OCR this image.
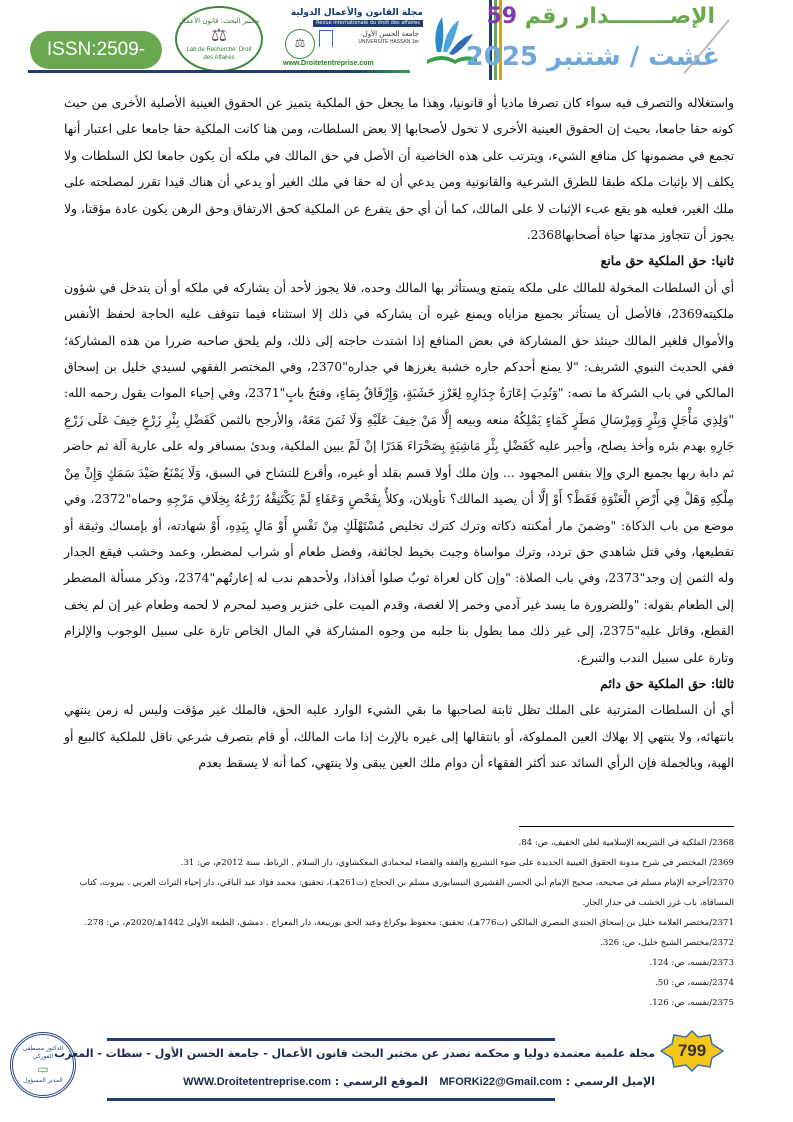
ISSN:2509-0291
مختبر البحث: قانون الأعمال
⚖
Lab de Recherche: Droit des Affaires
مجلة القانون والأعمال الدولية
Revue internationale du droit des affaires
⚖
جامعة الحسن الأول
UNIVERSITE HASSAN 1er
www.Droitetentreprise.com
الإصــــــــدار رقم 59
غشت / شتنبر 2025

واستغلاله والتصرف فيه سواء كان تصرفا ماديا أو قانونيا، وهذا ما يجعل حق الملكية يتميز عن الحقوق العينية الأصلية الأخرى من حيث كونه حقا جامعا، بحيث إن الحقوق العينية الأخرى لا تخول لأصحابها إلا بعض السلطات، ومن هنا كانت الملكية حقا جامعا على اعتبار أنها تجمع في مضمونها كل منافع الشيء، ويترتب على هذه الخاصية أن الأصل في حق المالك في ملكه أن يكون جامعا لكل السلطات ولا يكلف إلا بإثبات ملكه طبقا للطرق الشرعية والقانونية ومن يدعي أن له حقا في ملك الغير أو يدعي أن هناك قيدا تقرر لمصلحته على ملك الغير، فعليه هو يقع عبء الإثبات لا على المالك، كما أن أي حق يتفرع عن الملكية كحق الارتفاق وحق الرهن يكون عادة مؤقتا، ولا يجوز أن تتجاوز مدتها حياة أصحابها2368.

ثانيا: حق الملكية حق مانع

أي أن السلطات المخولة للمالك على ملكه يتمتع ويستأثر بها المالك وحده، فلا يجوز لأحد أن يشاركه في ملكه أو أن يتدخل في شؤون ملكيته2369، فالأصل أن يستأثر بجميع مزاياه ويمنع غيره أن يشاركه في ذلك إلا استثناء فيما تتوقف عليه الحاجة لحفظ الأنفس والأموال فلغير المالك حينئذ حق المشاركة في بعض المنافع إذا اشتدت حاجته إلى ذلك، ولم يلحق صاحبه ضررا من هذه المشاركة؛ ففي الحديث النبوي الشريف: "لا يمنع أحدكم جاره خشبة يغرزها في جداره"2370، وفي المختصر الفقهي لسيدي خليل بن إسحاق المالكي في باب الشركة ما نصه: "وَنُدِبَ إعَارَةُ جِدَارِهِ لِغَرْزِ خَشَبَةٍ، وَإِرْفَاقٌ بِمَاءٍ، وفتحُ بابٍ"2371، وفي إحياء الموات يقول رحمه الله: "وَلِذِي مَأْجَلٍ وَبِئْرٍ وَمِرْسَالِ مَطَرٍ كَمَاءٍ يَمْلِكُهُ منعه وبيعه إِلَّا مَنْ خِيفَ عَلَيْهِ وَلَا ثَمَنَ مَعَهُ، والأرجح بالثمن كَفَضْلِ بِئْرِ زَرْعٍ خِيفَ عَلَى زَرْعِ جَارِهِ بهدم بئره وأخذ يصلح، وأجبر عليه كَفَضْلِ بِئْرِ مَاشِيَةٍ بِصَحْرَاءَ هَدَرًا إنْ لَمْ يبين الملكية، وبدئ بمسافر وله على عارية آلة ثم حاضر ثم دابة ربها بجميع الري وإلا بنفس المجهود ... وإن ملك أولا قسم بقلد أو غيره، وأقرع للتشاح في السبق، وَلَا يَمْنَعُ صَيْدَ سَمَكٍ وَإِنْ مِنْ مِلْكِهِ وَهَلْ فِي أَرْضِ الْعَنْوَةِ فَقَطْ؟ أَوْ إلَّا أن يصيد المالك؟ تأويلان، وكلأٌ بِفَحْصٍ وَعَفَاءٍ لَمْ يَكْتَنِفْهُ زَرْعُهُ بِخِلَافِ مَرْجِهِ وحماه"2372، وفي موضع من باب الذكاة: "وضمنَ مار أمكنته ذكاته وترك كترك تخليص مُسْتَهْلَكٍ مِنْ نَفْسٍ أَوْ مَالٍ بِيَدِهِ، أَوْ شهادته، أو بإمساك وثيقة أو تقطيعها، وفي قتل شاهدي حق تردد، وترك مواساة وجبت بخيط لجائفة، وفضل طعام أو شراب لمضطر، وعمد وخشب فيقع الجدار وله الثمن إن وجد"2373، وفي باب الصلاة: "وإن كان لعراة ثوبٌ صلوا أفذاذا، ولأحدهم ندب له إعارتُهم"2374، وذكر مسألة المضطر إلى الطعام بقوله: "وللضرورة ما يسد غير آدمي وخمر إلا لغصة، وقدم الميت على خنزير وصيد لمحرم لا لحمه وطعام غير إن لم يخف القطع، وقاتل عليه"2375، إلى غير ذلك مما يطول بنا جلبه من وجوه المشاركة في المال الخاص تارة على سبيل الوجوب والإلزام وتارة على سبيل الندب والتبرع.

ثالثا: حق الملكية حق دائم

أي أن السلطات المترتبة على الملك تظل ثابتة لصاحبها ما بقي الشيء الوارد عليه الحق، فالملك غير مؤقت وليس له زمن ينتهي بانتهائه، ولا ينتهي إلا بهلاك العين المملوكة، أو بانتقالها إلى غيره بالإرث إذا مات المالك، أو قام بتصرف شرعي ناقل للملكية كالبيع أو الهبة، وبالجملة فإن الرأي السائد عند أكثر الفقهاء أن دوام ملك العين يبقى ولا ينتهي، كما أنه لا يسقط بعدم

2368/ الملكية في الشريعة الإسلامية لعلي الخفيف، ص: 84.
2369/ المختصر في شرح مدونة الحقوق العينية الجديدة على ضوء التشريع والفقه والقضاء لمحمادي المعكشاوي، دار السلام . الرباط، سنة 2012م، ص: 31.
2370/أخرجه الإمام مسلم في صحيحه، صحيح الإمام أبي الحسن القشيري النيسابوري مسلم بن الحجاج (ت261هـ)، تحقيق: محمد فؤاد عبد الباقي، دار إحياء التراث العربي . بيروت، كتاب المساقاة، باب غرز الخشب في جدار الجار.
2371/مختصر العلامة خليل بن إسحاق الجندي المصري المالكي (ت776هـ)، تحقيق: محفوظ بوكراع وعبد الحق بوربيعة، دار المعراج . دمشق، الطبعة الأولى 1442هـ/2020م، ص: 278.
2372/مختصر الشيخ خليل، ص: 326.
2373/نفسه، ص: 124.
2374/نفسه، ص: 50.
2375/نفسه، ص: 126.
الدكتور مصطفى الفوركي
▭
المدير المسؤول
مجلة علمية معتمدة دوليا و محكمة تصدر عن مختبر البحث قانون الأعمال - جامعة الحسن الأول - سطات - المغرب
الإميل الرسمي : MFORKi22@Gmail.com   الموقع الرسمي : WWW.Droitetentreprise.com
799
